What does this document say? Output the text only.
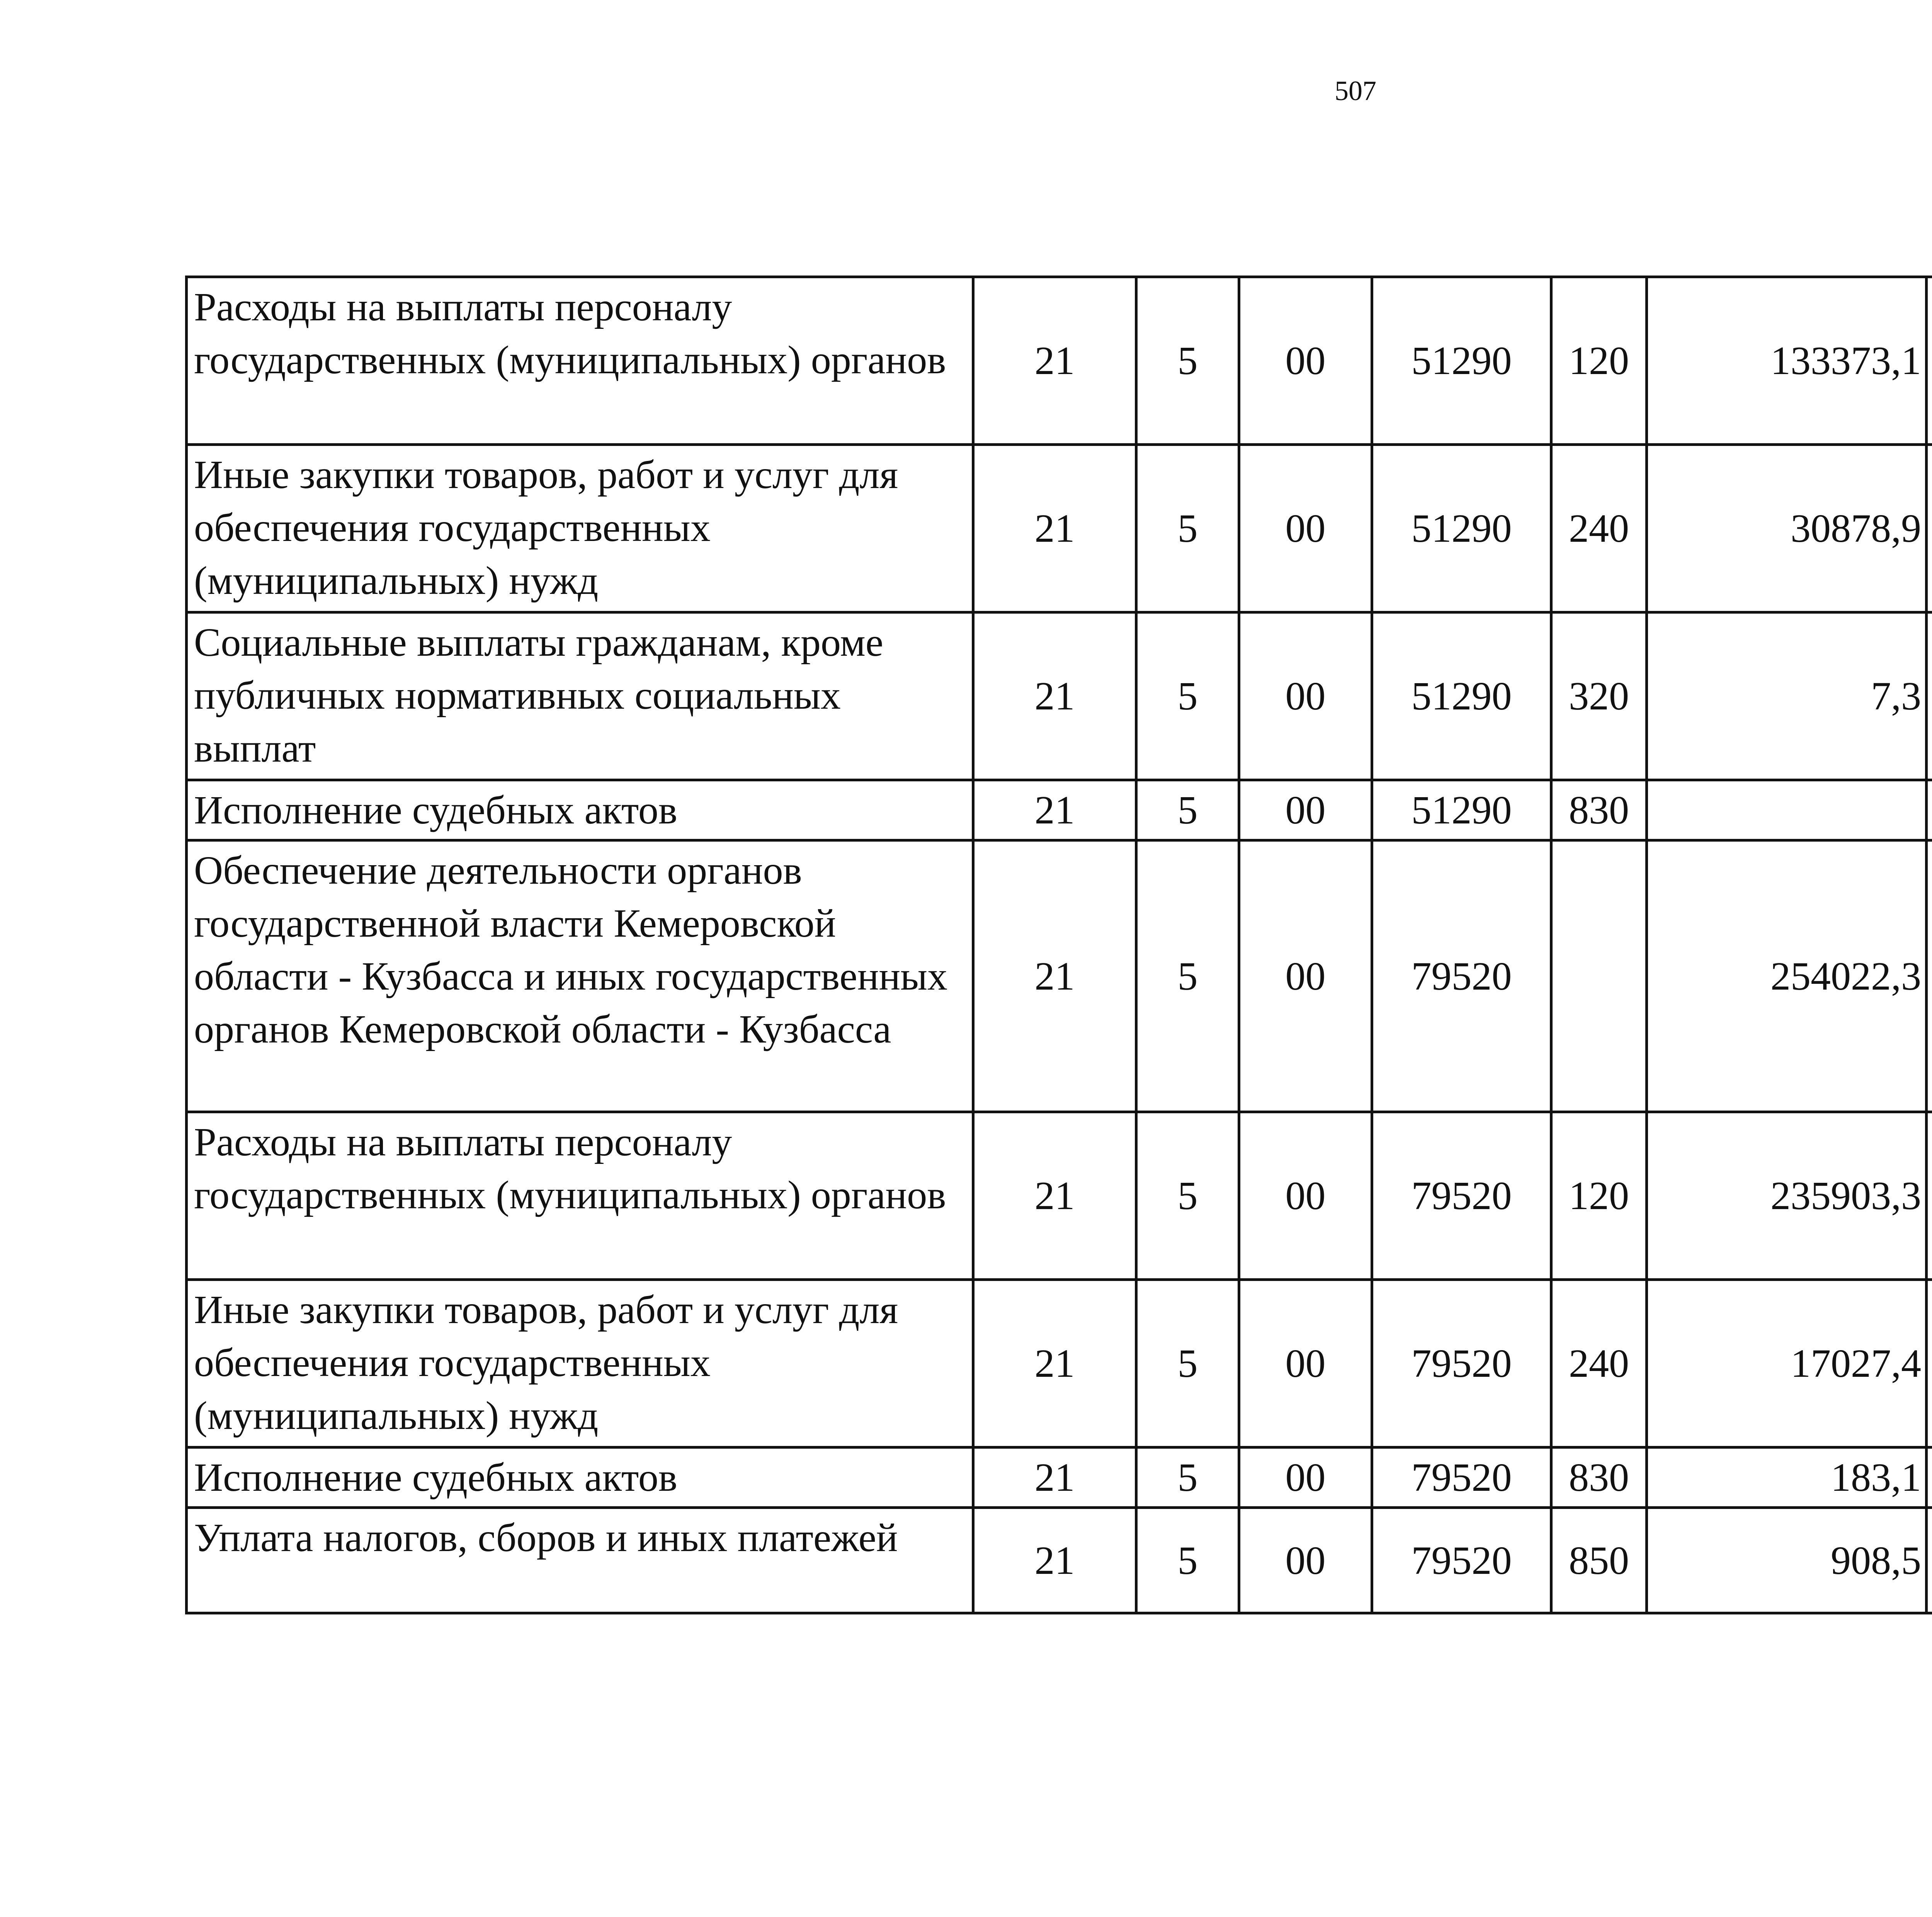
507
Расходы на выплаты персоналу государственных (муниципальных) органов	21	5	00	51290	120	133373,1		
Иные закупки товаров, работ и услуг для обеспечения государственных (муниципальных) нужд	21	5	00	51290	240	30878,9		
Социальные выплаты гражданам, кроме публичных нормативных социальных выплат	21	5	00	51290	320	7,3		
Исполнение судебных актов	21	5	00	51290	830			
Обеспечение деятельности органов государственной власти Кемеровской области - Кузбасса и иных государственных органов Кемеровской области - Кузбасса	21	5	00	79520		254022,3		
Расходы на выплаты персоналу государственных (муниципальных) органов	21	5	00	79520	120	235903,3		
Иные закупки товаров, работ и услуг для обеспечения государственных (муниципальных) нужд	21	5	00	79520	240	17027,4		
Исполнение судебных актов	21	5	00	79520	830	183,1		
Уплата налогов, сборов и иных платежей	21	5	00	79520	850	908,5		
